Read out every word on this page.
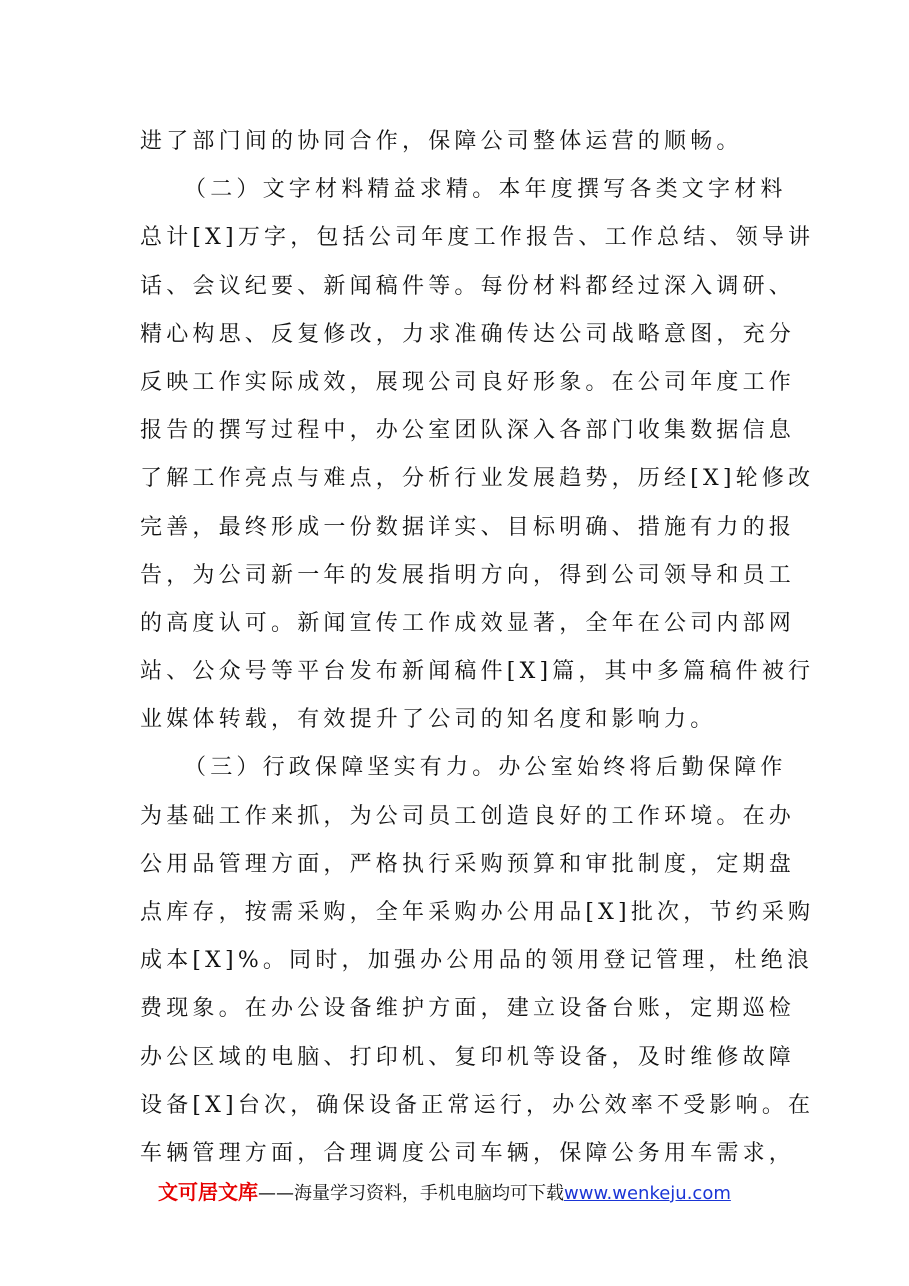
进了部门间的协同合作，保障公司整体运营的顺畅。
（二）文字材料精益求精。本年度撰写各类文字材料
总计[X]万字，包括公司年度工作报告、工作总结、领导讲
话、会议纪要、新闻稿件等。每份材料都经过深入调研、
精心构思、反复修改，力求准确传达公司战略意图，充分
反映工作实际成效，展现公司良好形象。在公司年度工作
报告的撰写过程中，办公室团队深入各部门收集数据信息
了解工作亮点与难点，分析行业发展趋势，历经[X]轮修改
完善，最终形成一份数据详实、目标明确、措施有力的报
告，为公司新一年的发展指明方向，得到公司领导和员工
的高度认可。新闻宣传工作成效显著，全年在公司内部网
站、公众号等平台发布新闻稿件[X]篇，其中多篇稿件被行
业媒体转载，有效提升了公司的知名度和影响力。
（三）行政保障坚实有力。办公室始终将后勤保障作
为基础工作来抓，为公司员工创造良好的工作环境。在办
公用品管理方面，严格执行采购预算和审批制度，定期盘
点库存，按需采购，全年采购办公用品[X]批次，节约采购
成本[X]%。同时，加强办公用品的领用登记管理，杜绝浪
费现象。在办公设备维护方面，建立设备台账，定期巡检
办公区域的电脑、打印机、复印机等设备，及时维修故障
设备[X]台次，确保设备正常运行，办公效率不受影响。在
车辆管理方面，合理调度公司车辆，保障公务用车需求，
文可居文库——海量学习资料，手机电脑均可下载www.wenkeju.com
